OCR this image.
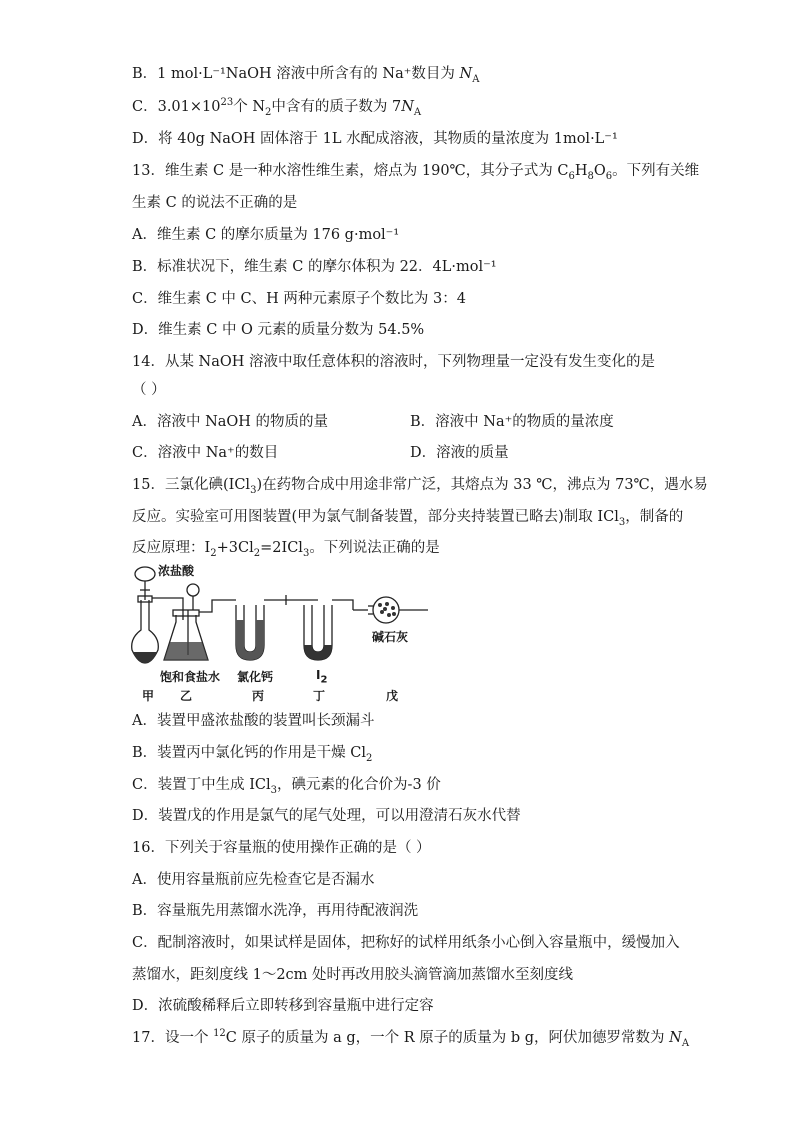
B．1 mol·L⁻¹NaOH 溶液中所含有的 Na⁺数目为 $N_A$
C．$3.01\times 10^{23}$个 $N_2$中含有的质子数为 $7N_A$
D．将 40g NaOH 固体溶于 1L 水配成溶液，其物质的量浓度为 1mol·L⁻¹
13．维生素 C 是一种水溶性维生素，熔点为 190℃，其分子式为 $C_6H_8O_6$。下列有关维
生素 C 的说法不正确的是
A．维生素 C 的摩尔质量为 176 g·mol⁻¹
B．标准状况下，维生素 C 的摩尔体积为 22．4L·mol⁻¹
C．维生素 C 中 C、H 两种元素原子个数比为 3：4
D．维生素 C 中 O 元素的质量分数为 54.5%
14．从某 NaOH 溶液中取任意体积的溶液时，下列物理量一定没有发生变化的是
（ ）
A．溶液中 NaOH 的物质的量	B．溶液中 Na⁺的物质的量浓度
C．溶液中 Na⁺的数目	D．溶液的质量
15．三氯化碘(ICl$_3$)在药物合成中用途非常广泛，其熔点为 33 ℃，沸点为 73℃，遇水易
反应。实验室可用图装置(甲为氯气制备装置，部分夹持装置已略去)制取 ICl$_3$，制备的
反应原理：$I_2+3Cl_2=2ICl_3$。下列说法正确的是
浓盐酸
碱石灰
饱和食盐水 氯化钙	$I_2$
甲 乙	丙	丁	戊
A．装置甲盛浓盐酸的装置叫长颈漏斗
B．装置丙中氯化钙的作用是干燥 $Cl_2$
C．装置丁中生成 ICl$_3$，碘元素的化合价为-3 价
D．装置戊的作用是氯气的尾气处理，可以用澄清石灰水代替
16．下列关于容量瓶的使用操作正确的是（ ）
A．使用容量瓶前应先检查它是否漏水
B．容量瓶先用蒸馏水洗净，再用待配液润洗
C．配制溶液时，如果试样是固体，把称好的试样用纸条小心倒入容量瓶中，缓慢加入
蒸馏水，距刻度线 1～2cm 处时再改用胶头滴管滴加蒸馏水至刻度线
D．浓硫酸稀释后立即转移到容量瓶中进行定容
17．设一个 $^{12}$C 原子的质量为 a g，一个 R 原子的质量为 b g，阿伏加德罗常数为 $N_A$
